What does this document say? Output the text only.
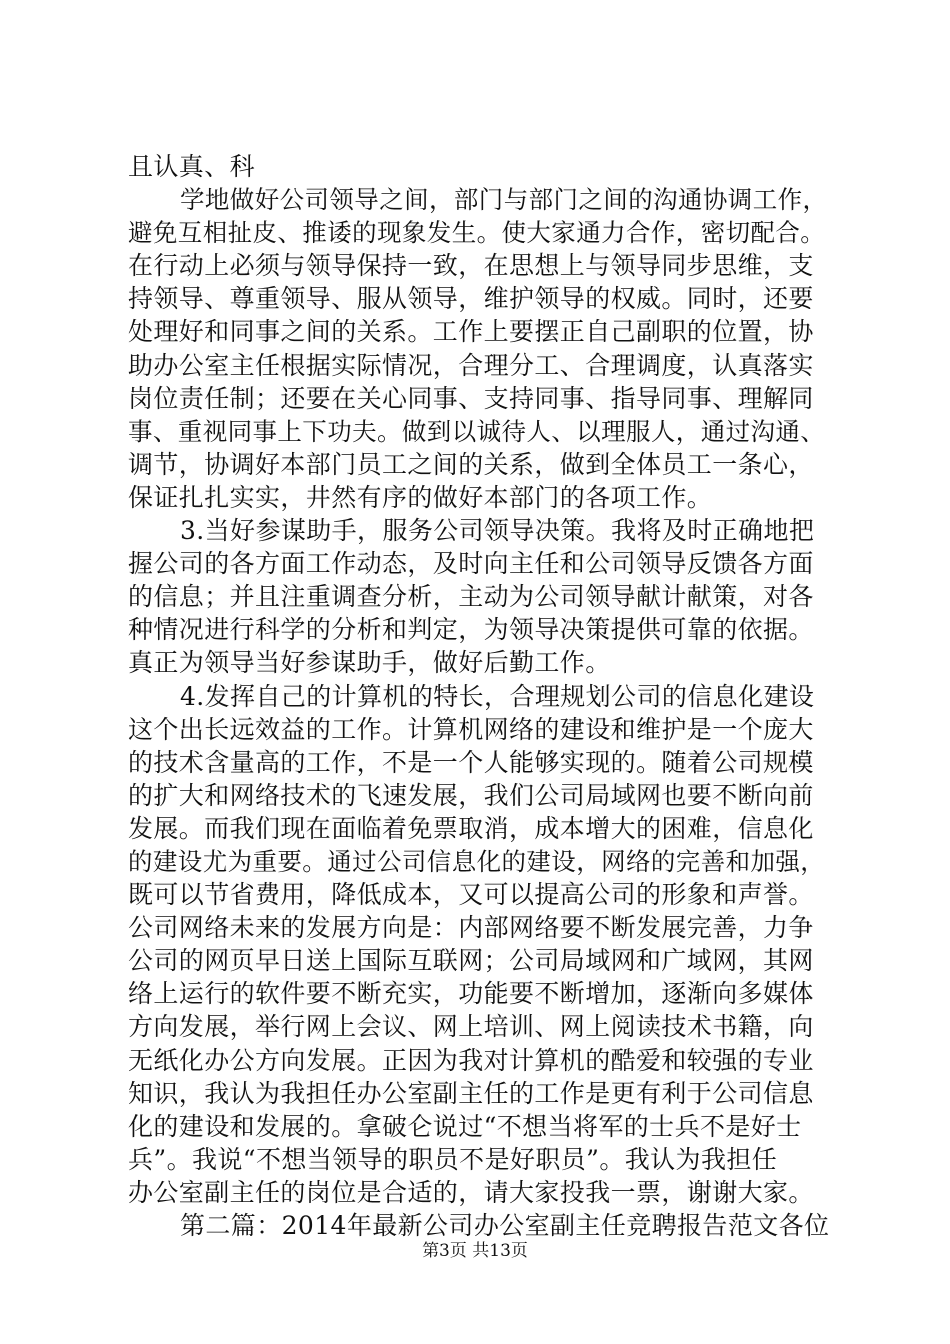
且认真、科
学地做好公司领导之间，部门与部门之间的沟通协调工作，
避免互相扯皮、推诿的现象发生。使大家通力合作，密切配合。
在行动上必须与领导保持一致，在思想上与领导同步思维，支
持领导、尊重领导、服从领导，维护领导的权威。同时，还要
处理好和同事之间的关系。工作上要摆正自己副职的位置，协
助办公室主任根据实际情况，合理分工、合理调度，认真落实
岗位责任制；还要在关心同事、支持同事、指导同事、理解同
事、重视同事上下功夫。做到以诚待人、以理服人，通过沟通、
调节，协调好本部门员工之间的关系，做到全体员工一条心，
保证扎扎实实，井然有序的做好本部门的各项工作。
3.当好参谋助手，服务公司领导决策。我将及时正确地把
握公司的各方面工作动态，及时向主任和公司领导反馈各方面
的信息；并且注重调查分析，主动为公司领导献计献策，对各
种情况进行科学的分析和判定，为领导决策提供可靠的依据。
真正为领导当好参谋助手，做好后勤工作。
4.发挥自己的计算机的特长，合理规划公司的信息化建设
这个出长远效益的工作。计算机网络的建设和维护是一个庞大
的技术含量高的工作，不是一个人能够实现的。随着公司规模
的扩大和网络技术的飞速发展，我们公司局域网也要不断向前
发展。而我们现在面临着免票取消，成本增大的困难，信息化
的建设尤为重要。通过公司信息化的建设，网络的完善和加强，
既可以节省费用，降低成本，又可以提高公司的形象和声誉。
公司网络未来的发展方向是：内部网络要不断发展完善，力争
公司的网页早日送上国际互联网；公司局域网和广域网，其网
络上运行的软件要不断充实，功能要不断增加，逐渐向多媒体
方向发展，举行网上会议、网上培训、网上阅读技术书籍，向
无纸化办公方向发展。正因为我对计算机的酷爱和较强的专业
知识，我认为我担任办公室副主任的工作是更有利于公司信息
化的建设和发展的。拿破仑说过“不想当将军的士兵不是好士
兵”。我说“不想当领导的职员不是好职员”。我认为我担任
办公室副主任的岗位是合适的，请大家投我一票，谢谢大家。
第二篇：2014年最新公司办公室副主任竞聘报告范文各位
第3页 共13页
